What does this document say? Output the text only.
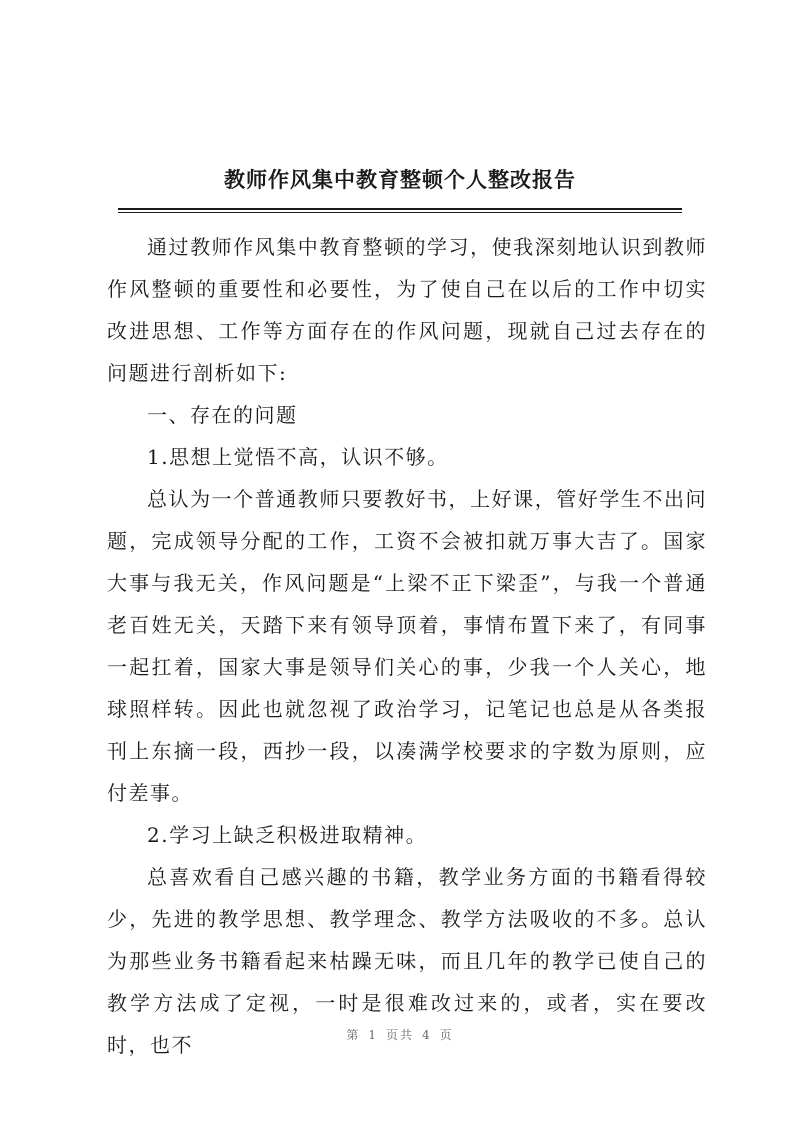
教师作风集中教育整顿个人整改报告

通过教师作风集中教育整顿的学习，使我深刻地认识到教师作风整顿的重要性和必要性，为了使自己在以后的工作中切实改进思想、工作等方面存在的作风问题，现就自己过去存在的问题进行剖析如下:

一、存在的问题

1.思想上觉悟不高，认识不够。

总认为一个普通教师只要教好书，上好课，管好学生不出问题，完成领导分配的工作，工资不会被扣就万事大吉了。国家大事与我无关，作风问题是“上梁不正下梁歪”，与我一个普通老百姓无关，天踏下来有领导顶着，事情布置下来了，有同事一起扛着，国家大事是领导们关心的事，少我一个人关心，地球照样转。因此也就忽视了政治学习，记笔记也总是从各类报刊上东摘一段，西抄一段，以凑满学校要求的字数为原则，应付差事。

2.学习上缺乏积极进取精神。

总喜欢看自己感兴趣的书籍，教学业务方面的书籍看得较少，先进的教学思想、教学理念、教学方法吸收的不多。总认为那些业务书籍看起来枯躁无味，而且几年的教学已使自己的教学方法成了定视，一时是很难改过来的，或者，实在要改时，也不	第 1 页共 4 页
